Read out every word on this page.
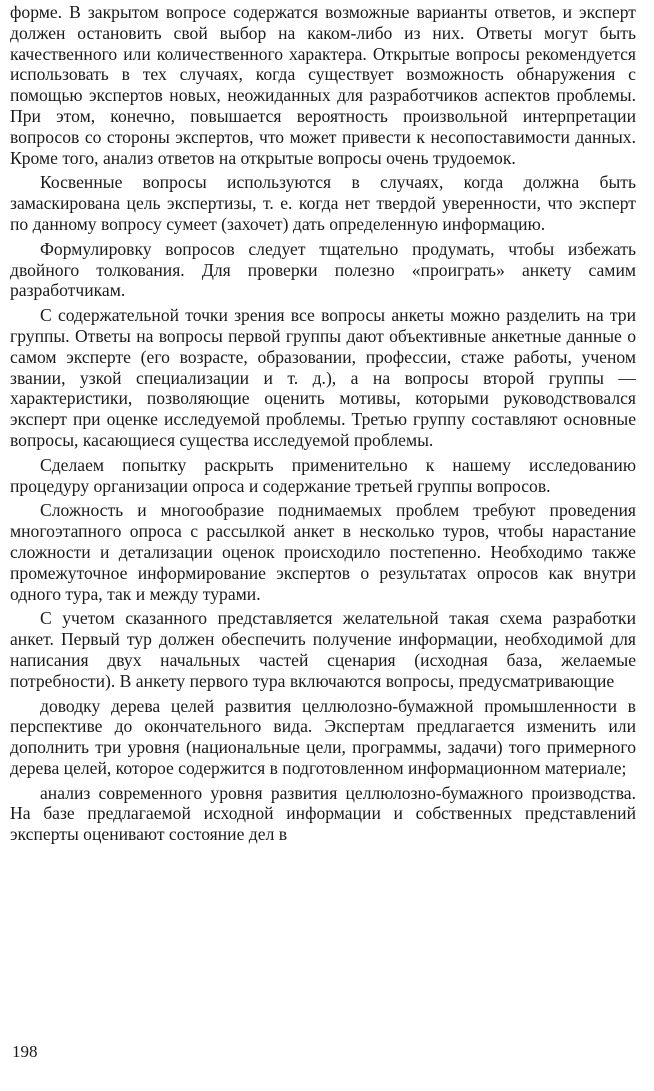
форме. В закрытом вопросе содержатся возможные варианты ответов, и эксперт должен остановить свой выбор на каком-либо из них. Ответы могут быть качественного или количественного характера. Открытые вопросы рекомендуется использовать в тех случаях, когда существует возможность обнаружения с помощью экспертов новых, неожиданных для разработчиков аспектов проблемы. При этом, конечно, повышается вероятность произвольной интерпретации вопросов со стороны экспертов, что может привести к несопоставимости данных. Кроме того, анализ ответов на открытые вопросы очень трудоемок.

Косвенные вопросы используются в случаях, когда должна быть замаскирована цель экспертизы, т. е. когда нет твердой уверенности, что эксперт по данному вопросу сумеет (захочет) дать определенную информацию.

Формулировку вопросов следует тщательно продумать, чтобы избежать двойного толкования. Для проверки полезно «проиграть» анкету самим разработчикам.

С содержательной точки зрения все вопросы анкеты можно разделить на три группы. Ответы на вопросы первой группы дают объективные анкетные данные о самом эксперте (его возрасте, образовании, профессии, стаже работы, ученом звании, узкой специализации и т. д.), а на вопросы второй группы — характеристики, позволяющие оценить мотивы, которыми руководствовался эксперт при оценке исследуемой проблемы. Третью группу составляют основные вопросы, касающиеся существа исследуемой проблемы.

Сделаем попытку раскрыть применительно к нашему исследованию процедуру организации опроса и содержание третьей группы вопросов.

Сложность и многообразие поднимаемых проблем требуют проведения многоэтапного опроса с рассылкой анкет в несколько туров, чтобы нарастание сложности и детализации оценок происходило постепенно. Необходимо также промежуточное информирование экспертов о результатах опросов как внутри одного тура, так и между турами.

С учетом сказанного представляется желательной такая схема разработки анкет. Первый тур должен обеспечить получение информации, необходимой для написания двух начальных частей сценария (исходная база, желаемые потребности). В анкету первого тура включаются вопросы, предусматривающие

доводку дерева целей развития целлюлозно-бумажной промышленности в перспективе до окончательного вида. Экспертам предлагается изменить или дополнить три уровня (национальные цели, программы, задачи) того примерного дерева целей, которое содержится в подготовленном информационном материале;

анализ современного уровня развития целлюлозно-бумажного производства. На базе предлагаемой исходной информации и собственных представлений эксперты оценивают состояние дел в

198
